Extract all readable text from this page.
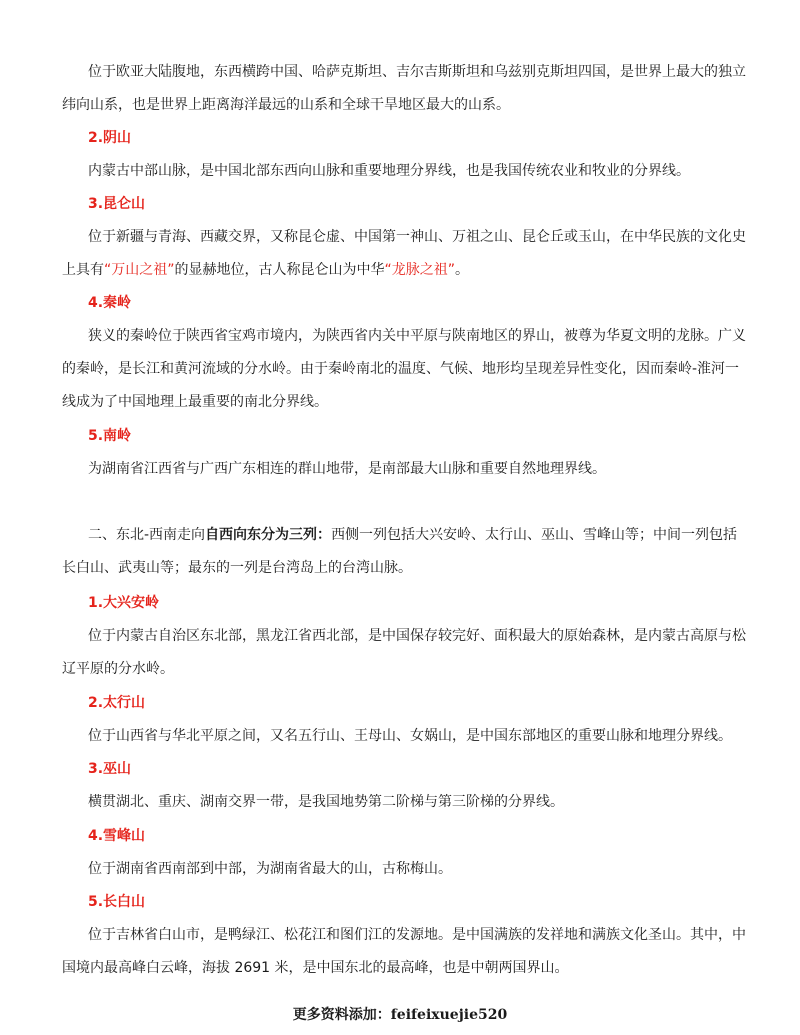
位于欧亚大陆腹地，东西横跨中国、哈萨克斯坦、吉尔吉斯斯坦和乌兹别克斯坦四国，是世界上最大的独立
纬向山系，也是世界上距离海洋最远的山系和全球干旱地区最大的山系。
2.阴山
内蒙古中部山脉，是中国北部东西向山脉和重要地理分界线，也是我国传统农业和牧业的分界线。
3.昆仑山
位于新疆与青海、西藏交界，又称昆仑虚、中国第一神山、万祖之山、昆仑丘或玉山，在中华民族的文化史
上具有“万山之祖”的显赫地位，古人称昆仑山为中华“龙脉之祖”。
4.秦岭
狭义的秦岭位于陕西省宝鸡市境内，为陕西省内关中平原与陕南地区的界山，被尊为华夏文明的龙脉。广义
的秦岭，是长江和黄河流域的分水岭。由于秦岭南北的温度、气候、地形均呈现差异性变化，因而秦岭-淮河一
线成为了中国地理上最重要的南北分界线。
5.南岭
为湖南省江西省与广西广东相连的群山地带，是南部最大山脉和重要自然地理界线。
二、东北-西南走向自西向东分为三列：西侧一列包括大兴安岭、太行山、巫山、雪峰山等；中间一列包括
长白山、武夷山等；最东的一列是台湾岛上的台湾山脉。
1.大兴安岭
位于内蒙古自治区东北部，黑龙江省西北部，是中国保存较完好、面积最大的原始森林，是内蒙古高原与松
辽平原的分水岭。
2.太行山
位于山西省与华北平原之间，又名五行山、王母山、女娲山，是中国东部地区的重要山脉和地理分界线。
3.巫山
横贯湖北、重庆、湖南交界一带，是我国地势第二阶梯与第三阶梯的分界线。
4.雪峰山
位于湖南省西南部到中部，为湖南省最大的山，古称梅山。
5.长白山
位于吉林省白山市，是鸭绿江、松花江和图们江的发源地。是中国满族的发祥地和满族文化圣山。其中，中
国境内最高峰白云峰，海拔 2691 米，是中国东北的最高峰，也是中朝两国界山。
更多资料添加：feifeixuejie520
